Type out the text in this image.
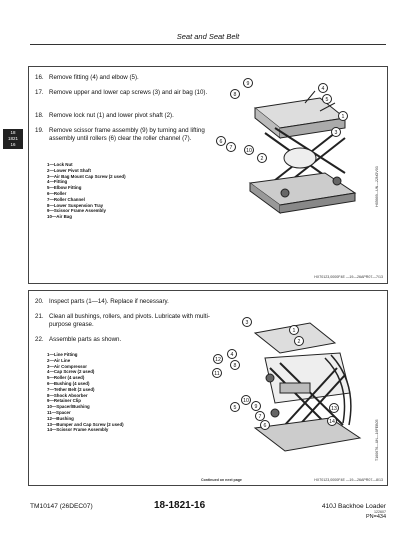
Seat and Seat Belt
18
1821
16
16. Remove fitting (4) and elbow (5).
17. Remove upper and lower cap screws (3) and air bag (10).
18. Remove lock nut (1) and lower pivot shaft (2).
19. Remove scissor frame assembly (9) by turning and lifting assembly until rollers (6) clear the roller channel (7).
1—Lock Nut
2—Lower Pivot Shaft
3—Air Bag Mount Cap Screw (2 used)
4—Fitting
5—Elbow Fitting
6—Roller
7—Roller Channel
8—Lower Suspension Tray
9—Scissor Frame Assembly
10—Air Bag
9
8
4
5
1
3
6
7	10
2
H65669—UN—22NOV03
HX70123,0000F4E —19—26APR07—7/13
20. Inspect parts (1—14). Replace if necessary.
21. Clean all bushings, rollers, and pivots. Lubricate with multi-purpose grease.
22. Assemble parts as shown.
1—Line Fitting
2—Air Line
3—Air Compressor
4—Cap Screw (2 used)
5—Roller (4 used)
6—Bushing (4 used)
7—Tether Belt (2 used)
8—Shock Absorber
9—Retainer Clip
10—Spacer/Bushing
11—Spacer
12—Bushing
13—Bumper and Cap Screw (2 used)
14—Scissor Frame Assembly
3
1
2
4
12
8
11
10
9
5
7
6
13
14	T160676—UN—16FEB05
Continued on next page	HX70123,0000F4E —19—26APR07—8/13
TM10147 (26DEC07)	18-1821-16	410J Backhoe Loader
122607
PN=434
